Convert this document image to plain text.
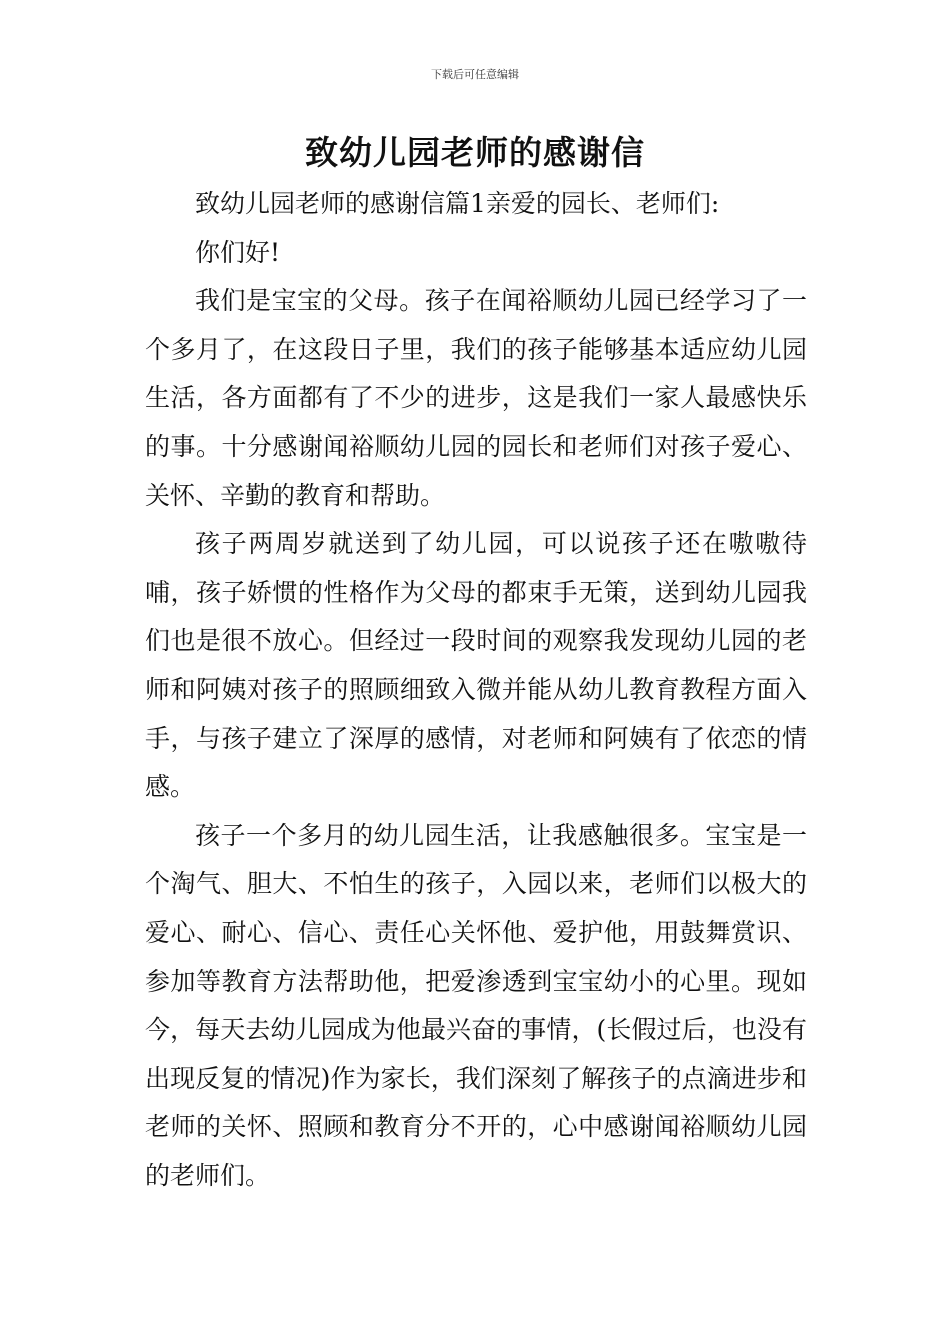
下载后可任意编辑
致幼儿园老师的感谢信

致幼儿园老师的感谢信篇1亲爱的园长、老师们:

你们好!

我们是宝宝的父母。孩子在闻裕顺幼儿园已经学习了一个多月了，在这段日子里，我们的孩子能够基本适应幼儿园生活，各方面都有了不少的进步，这是我们一家人最感快乐的事。十分感谢闻裕顺幼儿园的园长和老师们对孩子爱心、关怀、辛勤的教育和帮助。

孩子两周岁就送到了幼儿园，可以说孩子还在嗷嗷待哺，孩子娇惯的性格作为父母的都束手无策，送到幼儿园我们也是很不放心。但经过一段时间的观察我发现幼儿园的老师和阿姨对孩子的照顾细致入微并能从幼儿教育教程方面入手，与孩子建立了深厚的感情，对老师和阿姨有了依恋的情感。

孩子一个多月的幼儿园生活，让我感触很多。宝宝是一个淘气、胆大、不怕生的孩子，入园以来，老师们以极大的爱心、耐心、信心、责任心关怀他、爱护他，用鼓舞赏识、参加等教育方法帮助他，把爱渗透到宝宝幼小的心里。现如今，每天去幼儿园成为他最兴奋的事情，(长假过后，也没有出现反复的情况)作为家长，我们深刻了解孩子的点滴进步和老师的关怀、照顾和教育分不开的，心中感谢闻裕顺幼儿园的老师们。
